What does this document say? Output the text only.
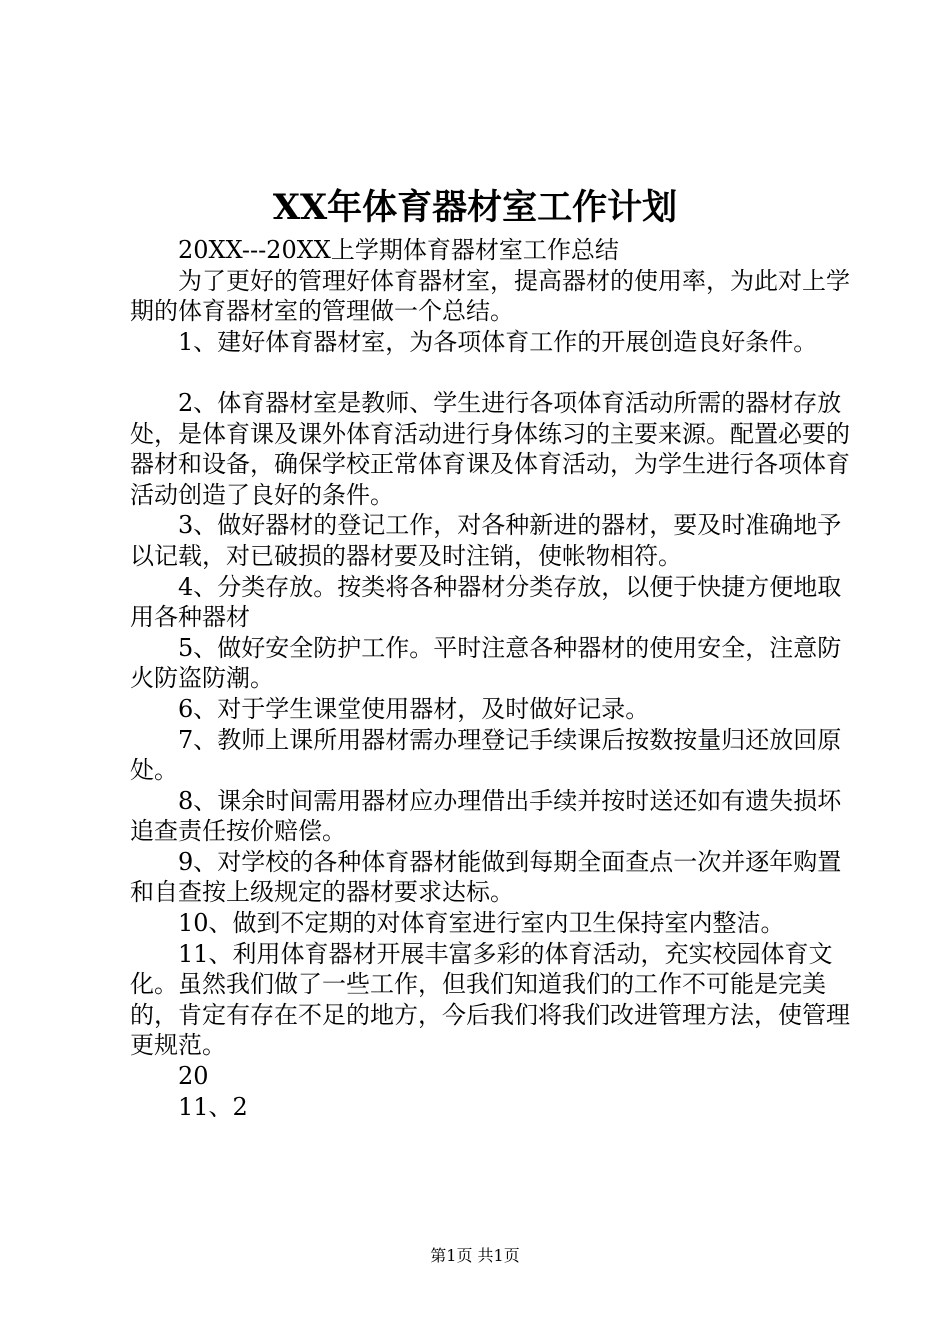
XX年体育器材室工作计划

20XX---20XX上学期体育器材室工作总结

为了更好的管理好体育器材室，提高器材的使用率，为此对上学期的体育器材室的管理做一个总结。

1、建好体育器材室，为各项体育工作的开展创造良好条件。

2、体育器材室是教师、学生进行各项体育活动所需的器材存放处，是体育课及课外体育活动进行身体练习的主要来源。配置必要的器材和设备，确保学校正常体育课及体育活动，为学生进行各项体育活动创造了良好的条件。

3、做好器材的登记工作，对各种新进的器材，要及时准确地予以记载，对已破损的器材要及时注销，使帐物相符。

4、分类存放。按类将各种器材分类存放，以便于快捷方便地取用各种器材

5、做好安全防护工作。平时注意各种器材的使用安全，注意防火防盗防潮。

6、对于学生课堂使用器材，及时做好记录。

7、教师上课所用器材需办理登记手续课后按数按量归还放回原处。

8、课余时间需用器材应办理借出手续并按时送还如有遗失损坏追查责任按价赔偿。

9、对学校的各种体育器材能做到每期全面查点一次并逐年购置和自查按上级规定的器材要求达标。

10、做到不定期的对体育室进行室内卫生保持室内整洁。

11、利用体育器材开展丰富多彩的体育活动，充实校园体育文化。虽然我们做了一些工作，但我们知道我们的工作不可能是完美的，肯定有存在不足的地方，今后我们将我们改进管理方法，使管理更规范。

20

11、2

第1页 共1页
